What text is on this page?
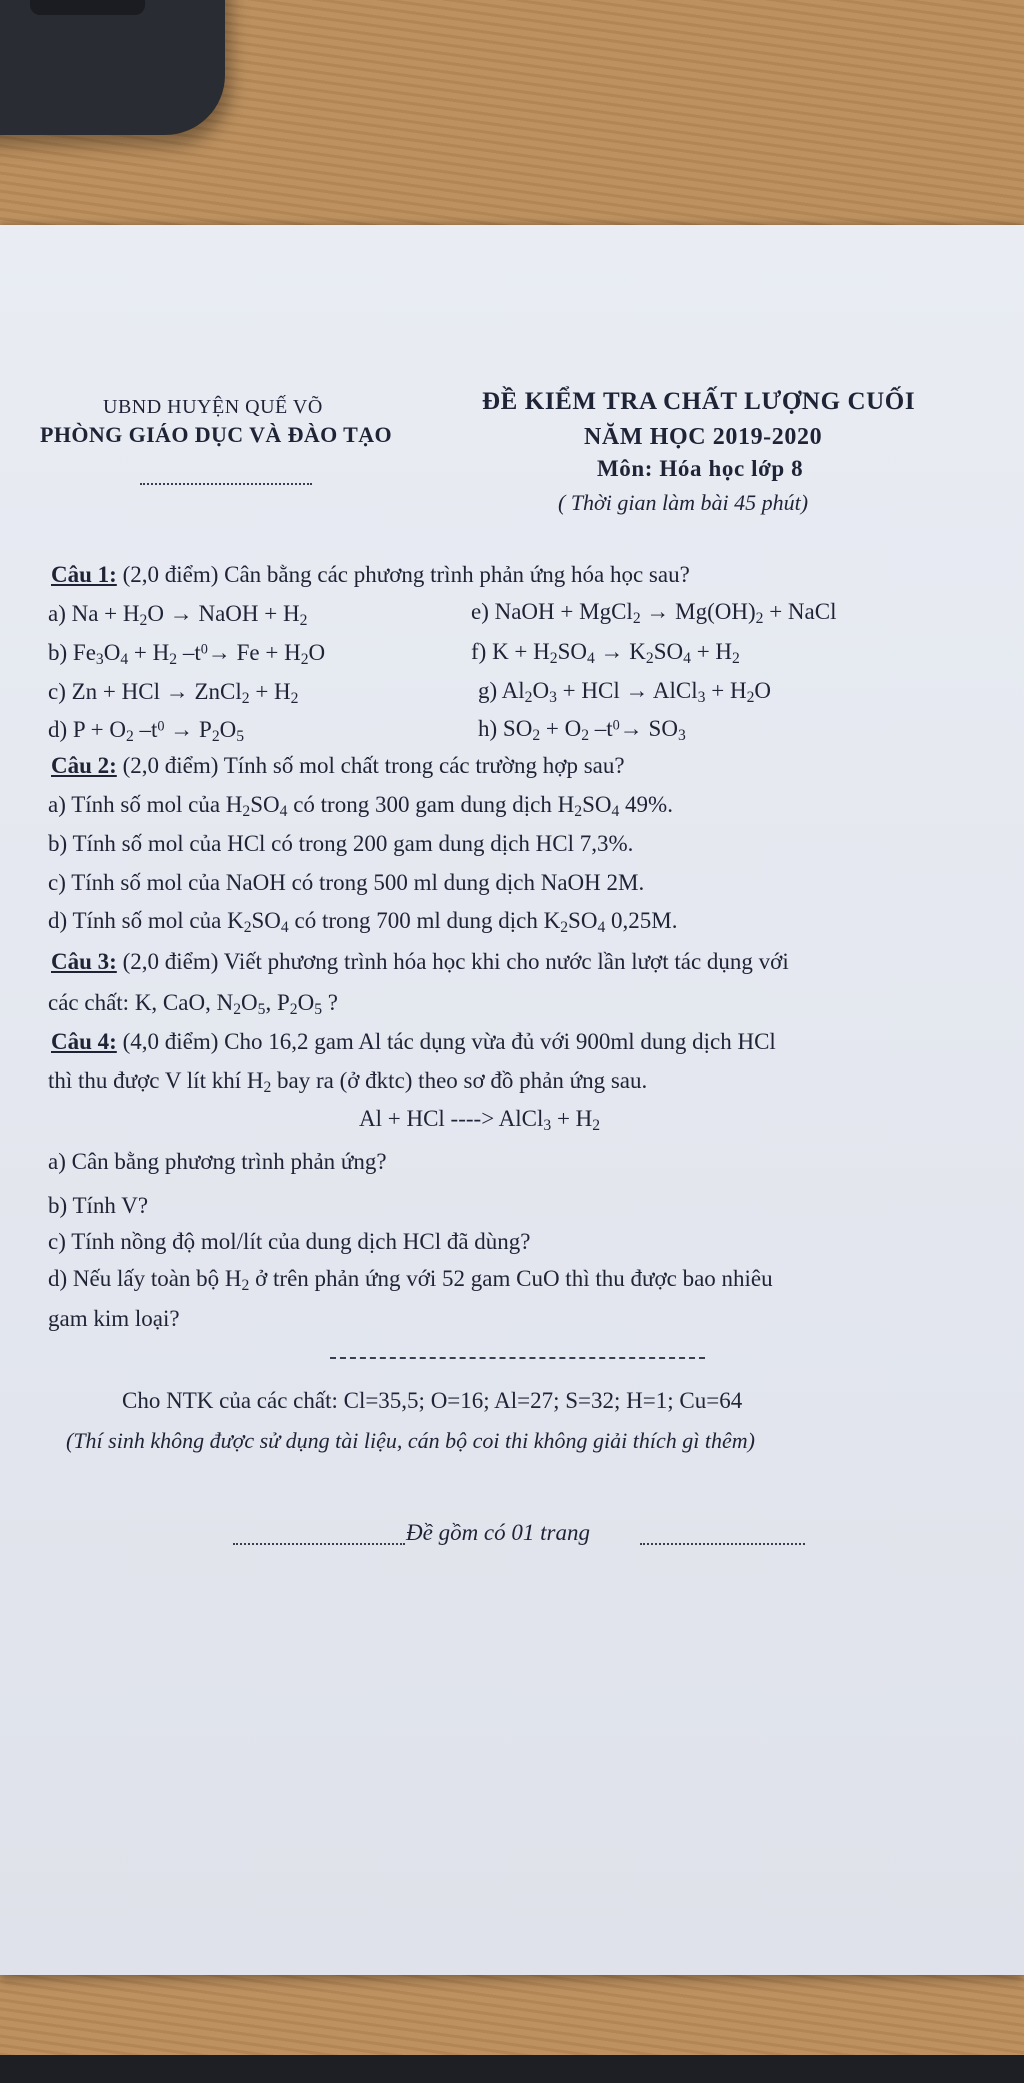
UBND HUYỆN QUẾ VÕ
PHÒNG GIÁO DỤC VÀ ĐÀO TẠO
ĐỀ KIỂM TRA CHẤT LƯỢNG CUỐI
NĂM HỌC 2019-2020
Môn: Hóa học lớp 8
( Thời gian làm bài 45 phút)
Câu 1: (2,0 điểm) Cân bằng các phương trình phản ứng hóa học sau?
a) $Na + H_2O$ → NaOH + $H_2$
b) $Fe_3O_4 + H_2$ $-t^0\to Fe + H_2O$
c) Zn + HCl → ZnCl$_2$ + $H_2$
d) $P + O_2$ $-t^0 \to P_2O_5$
e) NaOH + MgCl$_2$ → $Mg(OH)_2$ + NaCl
f) $K + H_2SO_4 \to K_2SO_4 + H_2$
g) $Al_2O_3$ + HCl → AlCl$_3$ + $H_2O$
h) $SO_2 + O_2$ $-t^0\to SO_3$
Câu 2: (2,0 điểm) Tính số mol chất trong các trường hợp sau?
a) Tính số mol của $H_2SO_4$ có trong 300 gam dung dịch $H_2SO_4$ 49%.
b) Tính số mol của HCl có trong 200 gam dung dịch HCl 7,3%.
c) Tính số mol của NaOH có trong 500 ml dung dịch NaOH 2M.
d) Tính số mol của $K_2SO_4$ có trong 700 ml dung dịch $K_2SO_4$ 0,25M.
Câu 3: (2,0 điểm) Viết phương trình hóa học khi cho nước lần lượt tác dụng với
các chất: K, CaO, $N_2O_5$, $P_2O_5$ ?
Câu 4: (4,0 điểm) Cho 16,2 gam Al tác dụng vừa đủ với 900ml dung dịch HCl
thì thu được V lít khí $H_2$ bay ra (ở đktc) theo sơ đồ phản ứng sau.
Al + HCl ----> AlCl$_3$ + $H_2$
a) Cân bằng phương trình phản ứng?
b) Tính V?
c) Tính nồng độ mol/lít của dung dịch HCl đã dùng?
d) Nếu lấy toàn bộ $H_2$ ở trên phản ứng với 52 gam CuO thì thu được bao nhiêu
gam kim loại?
Cho NTK của các chất: Cl=35,5; O=16; Al=27; S=32; H=1; Cu=64
(Thí sinh không được sử dụng tài liệu, cán bộ coi thi không giải thích gì thêm)
Đề gồm có 01 trang
